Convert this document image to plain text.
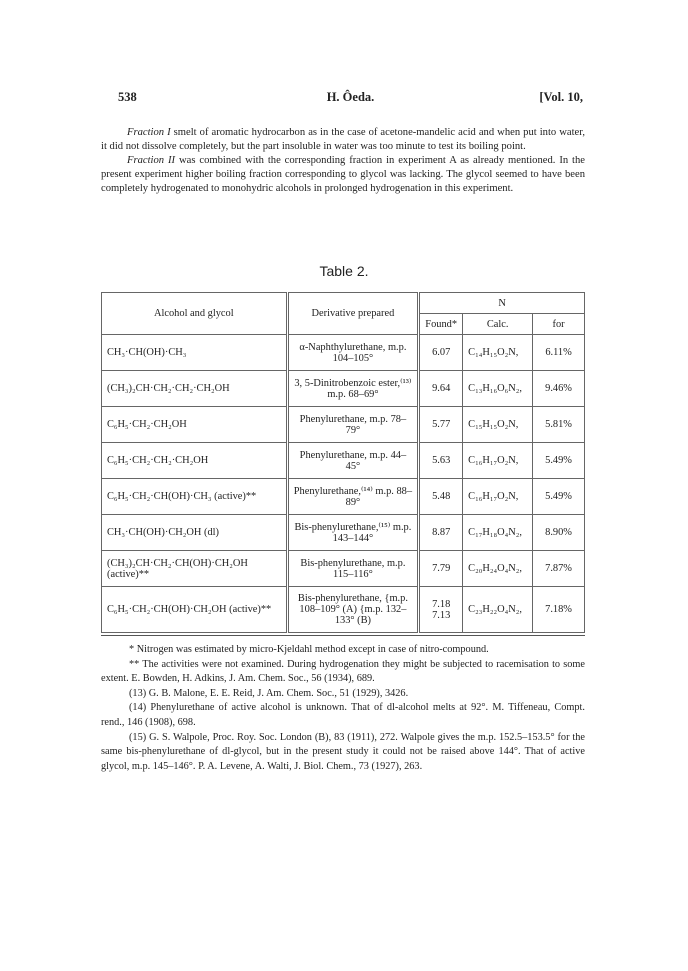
538	H. Ôeda.	[Vol. 10,

Fraction I smelt of aromatic hydrocarbon as in the case of acetone-mandelic acid and when put into water, it did not dissolve completely, but the part insoluble in water was too minute to test its boiling point.

Fraction II was combined with the corresponding fraction in experiment A as already mentioned. In the present experiment higher boiling fraction corresponding to glycol was lacking. The glycol seemed to have been completely hydrogenated to monohydric alcohols in prolonged hydrogenation in this experiment.

Table 2.
Alcohol and glycol	Derivative prepared	N		
		Found*	Calc.	for
CH₃·CH(OH)·CH₃	α-Naphthylurethane, m.p. 104–105°	6.07	C₁₄H₁₅O₂N,	6.11%
(CH₃)₂CH·CH₂·CH₂·CH₂OH	3, 5-Dinitrobenzoic ester,⁽¹³⁾ m.p. 68–69°	9.64	C₁₃H₁₆O₆N₂,	9.46%
C₆H₅·CH₂·CH₂OH	Phenylurethane, m.p. 78–79°	5.77	C₁₅H₁₅O₂N,	5.81%
C₆H₅·CH₂·CH₂·CH₂OH	Phenylurethane, m.p. 44–45°	5.63	C₁₆H₁₇O₂N,	5.49%
C₆H₅·CH₂·CH(OH)·CH₃ (active)**	Phenylurethane,⁽¹⁴⁾ m.p. 88–89°	5.48	C₁₆H₁₇O₂N,	5.49%
CH₃·CH(OH)·CH₂OH (dl)	Bis-phenylurethane,⁽¹⁵⁾ m.p. 143–144°	8.87	C₁₇H₁₈O₄N₂,	8.90%
(CH₃)₂CH·CH₂·CH(OH)·CH₂OH (active)**	Bis-phenylurethane, m.p. 115–116°	7.79	C₂₀H₂₄O₄N₂,	7.87%
C₆H₅·CH₂·CH(OH)·CH₂OH (active)**	Bis-phenylurethane, {m.p. 108–109° (A) {m.p. 132–133° (B)	7.18 7.13	C₂₃H₂₂O₄N₂,	7.18%

* Nitrogen was estimated by micro-Kjeldahl method except in case of nitro-compound.

** The activities were not examined. During hydrogenation they might be subjected to racemisation to some extent. E. Bowden, H. Adkins, J. Am. Chem. Soc., 56 (1934), 689.

(13) G. B. Malone, E. E. Reid, J. Am. Chem. Soc., 51 (1929), 3426.

(14) Phenylurethane of active alcohol is unknown. That of dl-alcohol melts at 92°. M. Tiffeneau, Compt. rend., 146 (1908), 698.

(15) G. S. Walpole, Proc. Roy. Soc. London (B), 83 (1911), 272. Walpole gives the m.p. 152.5–153.5° for the same bis-phenylurethane of dl-glycol, but in the present study it could not be raised above 144°. That of active glycol, m.p. 145–146°. P. A. Levene, A. Walti, J. Biol. Chem., 73 (1927), 263.
